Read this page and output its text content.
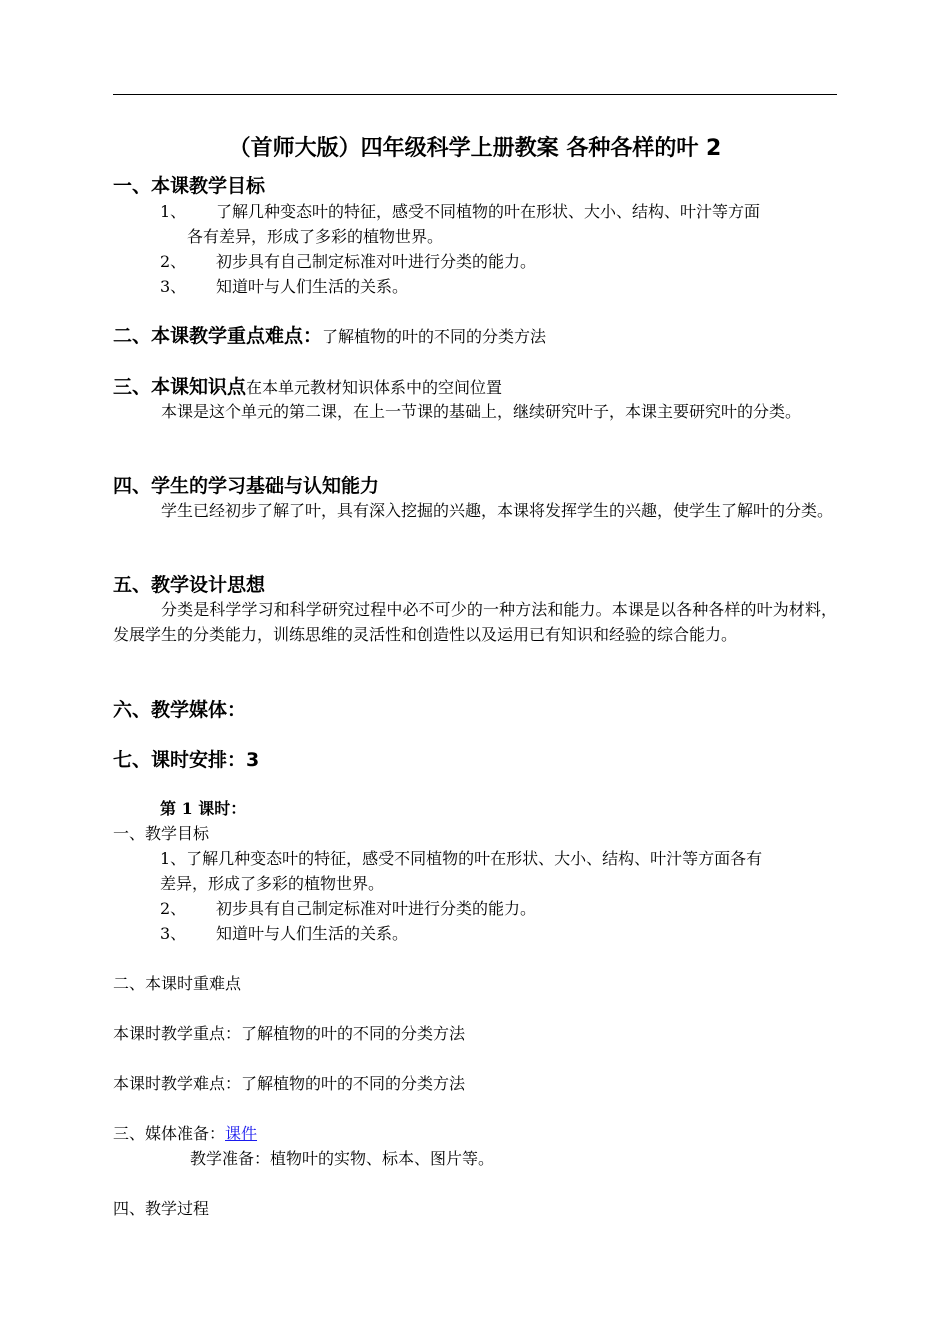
（首师大版）四年级科学上册教案 各种各样的叶 2
一、本课教学目标
1、 了解几种变态叶的特征，感受不同植物的叶在形状、大小、结构、叶汁等方面
各有差异，形成了多彩的植物世界。
2、 初步具有自己制定标准对叶进行分类的能力。
3、 知道叶与人们生活的关系。
二、本课教学重点难点：了解植物的叶的不同的分类方法
三、本课知识点在本单元教材知识体系中的空间位置
本课是这个单元的第二课，在上一节课的基础上，继续研究叶子，本课主要研究叶的分类。
四、学生的学习基础与认知能力
学生已经初步了解了叶，具有深入挖掘的兴趣，本课将发挥学生的兴趣，使学生了解叶的分类。
五、教学设计思想
分类是科学学习和科学研究过程中必不可少的一种方法和能力。本课是以各种各样的叶为材料，发展学生的分类能力，训练思维的灵活性和创造性以及运用已有知识和经验的综合能力。
六、教学媒体：
七、课时安排：3
第 1 课时：
一、教学目标
1、了解几种变态叶的特征，感受不同植物的叶在形状、大小、结构、叶汁等方面各有
差异，形成了多彩的植物世界。
2、 初步具有自己制定标准对叶进行分类的能力。
3、 知道叶与人们生活的关系。
二、本课时重难点
本课时教学重点：了解植物的叶的不同的分类方法
本课时教学难点：了解植物的叶的不同的分类方法
三、媒体准备：课件
教学准备：植物叶的实物、标本、图片等。
四、教学过程
